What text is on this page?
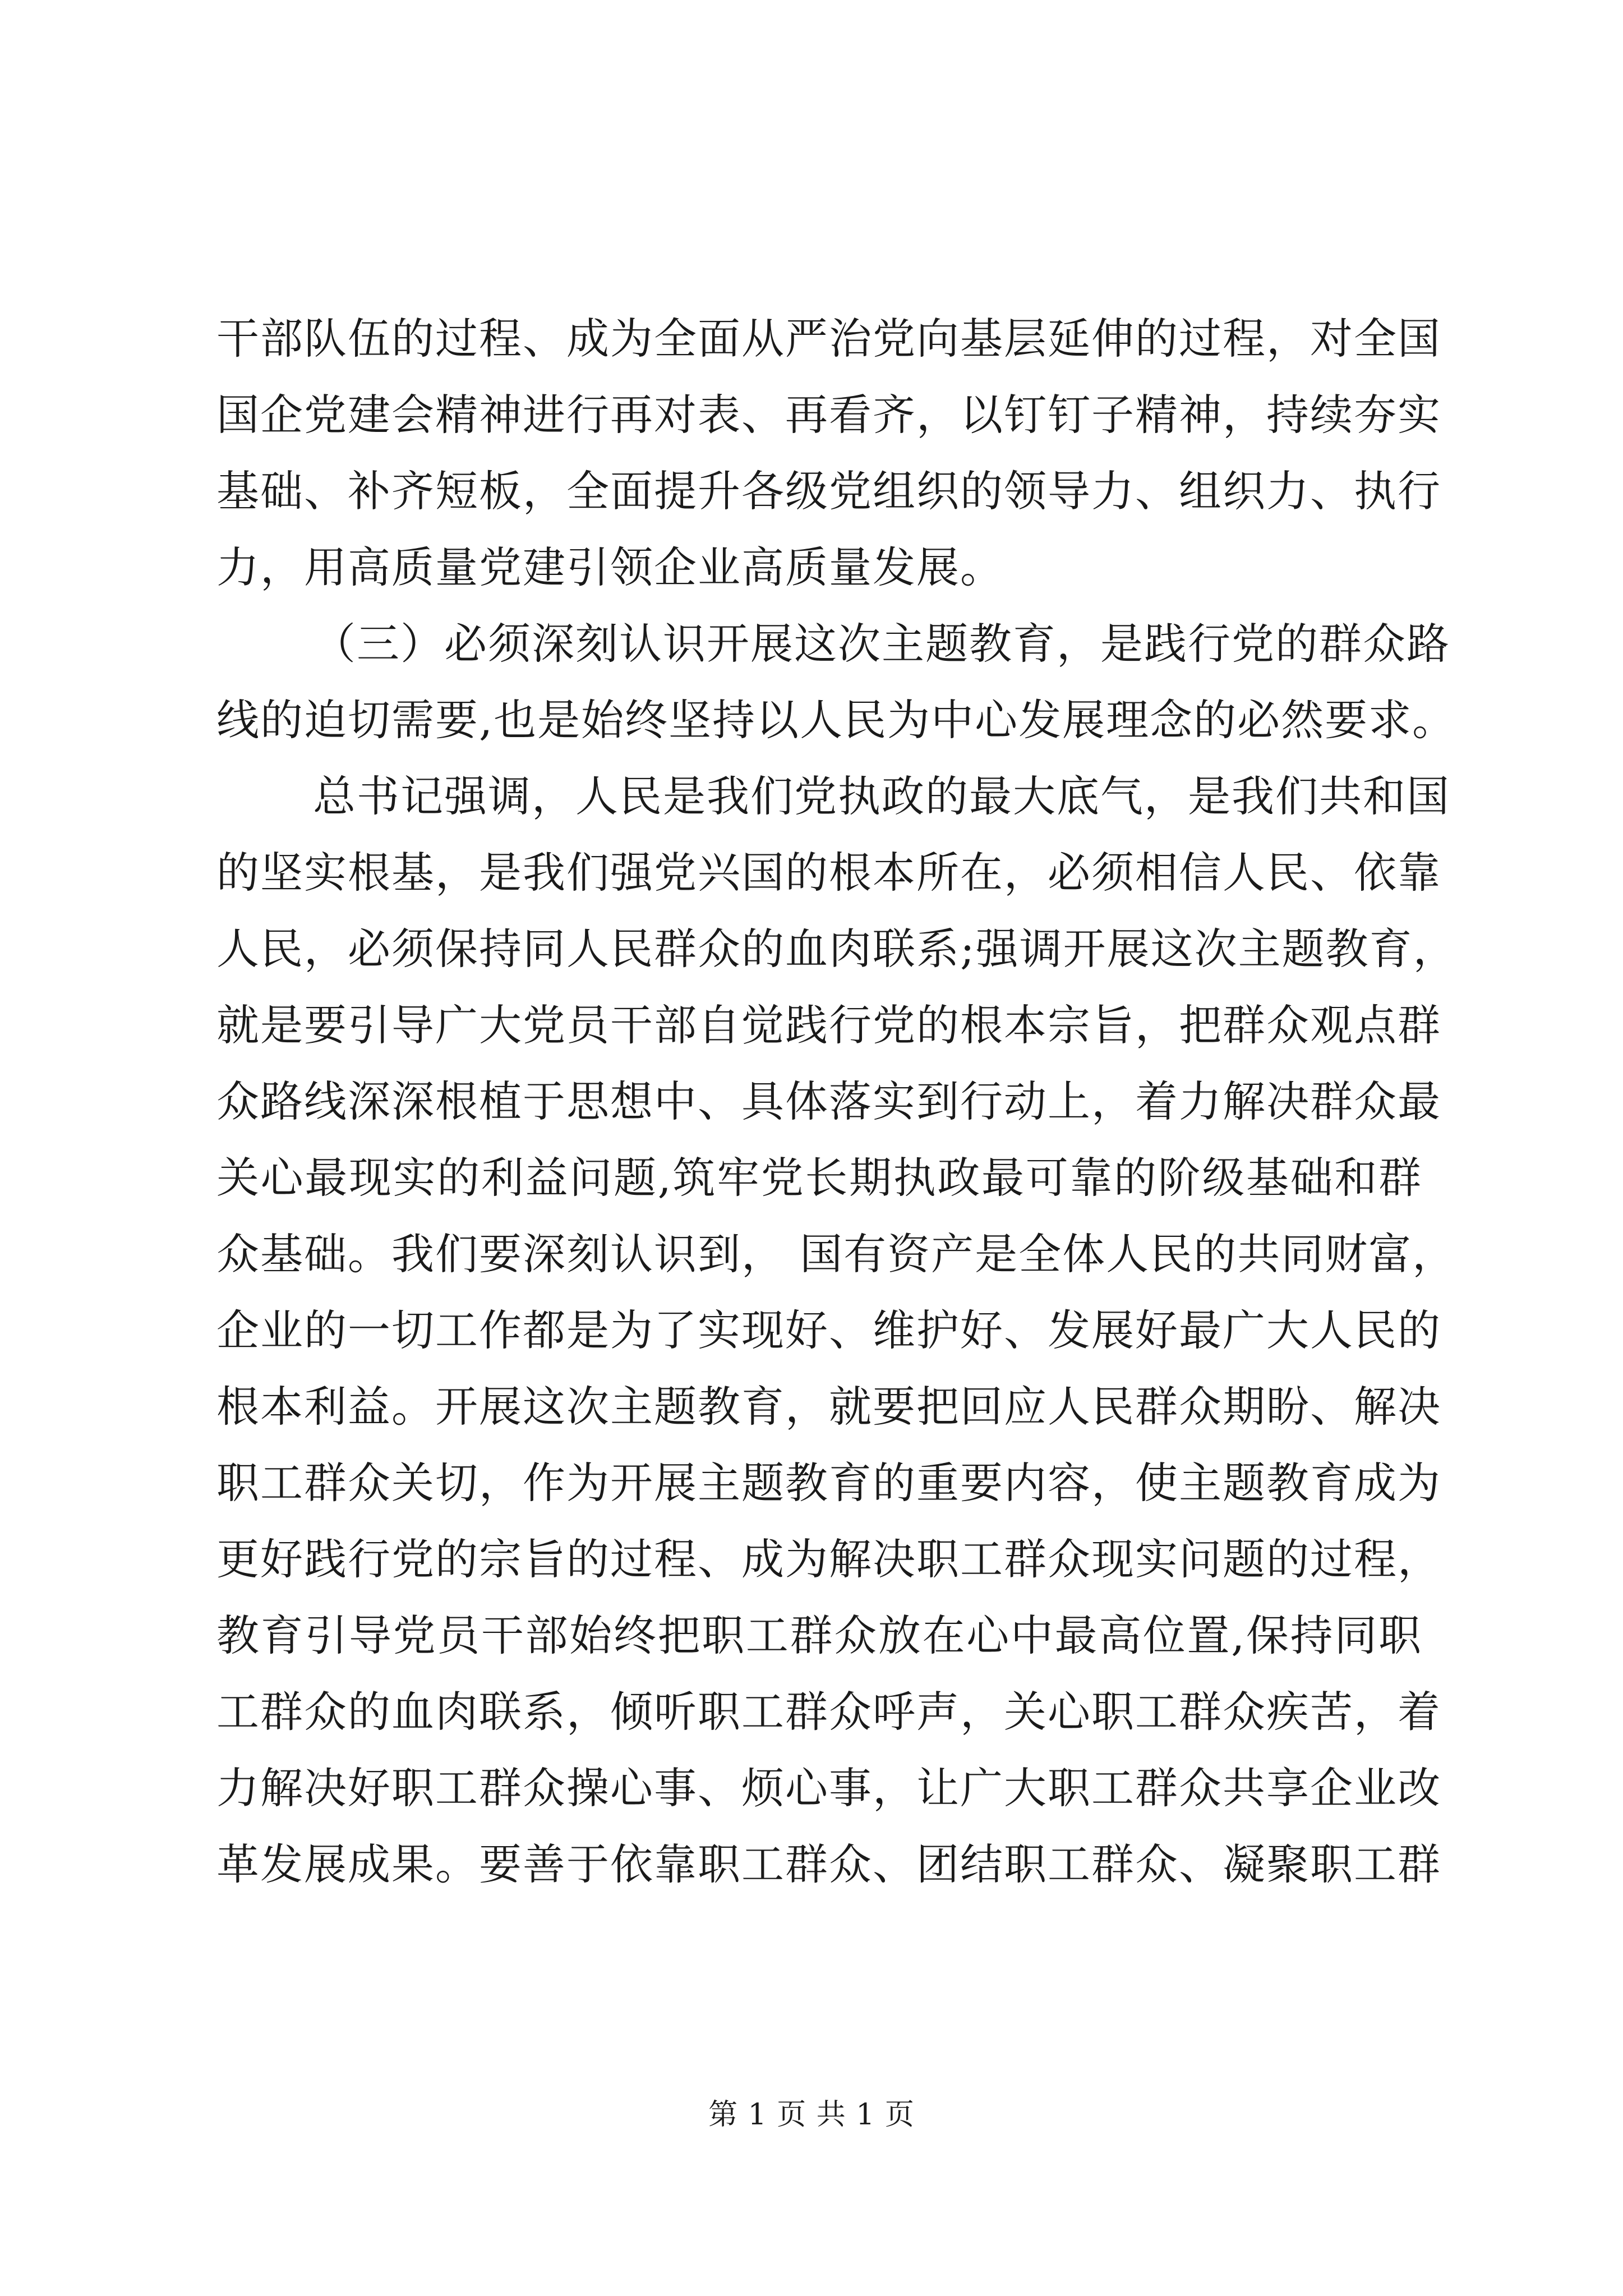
干部队伍的过程、成为全面从严治党向基层延伸的过程，对全国
国企党建会精神进行再对表、再看齐，以钉钉子精神，持续夯实
基础、补齐短板，全面提升各级党组织的领导力、组织力、执行
力，用高质量党建引领企业高质量发展。
（三）必须深刻认识开展这次主题教育，是践行党的群众路
线的迫切需要,也是始终坚持以人民为中心发展理念的必然要求。
总书记强调，人民是我们党执政的最大底气，是我们共和国
的坚实根基，是我们强党兴国的根本所在，必须相信人民、依靠
人民，必须保持同人民群众的血肉联系;强调开展这次主题教育，
就是要引导广大党员干部自觉践行党的根本宗旨，把群众观点群
众路线深深根植于思想中、具体落实到行动上，着力解决群众最
关心最现实的利益问题,筑牢党长期执政最可靠的阶级基础和群
众基础。我们要深刻认识到， 国有资产是全体人民的共同财富，
企业的一切工作都是为了实现好、维护好、发展好最广大人民的
根本利益。开展这次主题教育，就要把回应人民群众期盼、解决
职工群众关切，作为开展主题教育的重要内容，使主题教育成为
更好践行党的宗旨的过程、成为解决职工群众现实问题的过程，
教育引导党员干部始终把职工群众放在心中最高位置,保持同职
工群众的血肉联系，倾听职工群众呼声，关心职工群众疾苦，着
力解决好职工群众操心事、烦心事，让广大职工群众共享企业改
革发展成果。要善于依靠职工群众、团结职工群众、凝聚职工群
第 1 页 共 1 页
